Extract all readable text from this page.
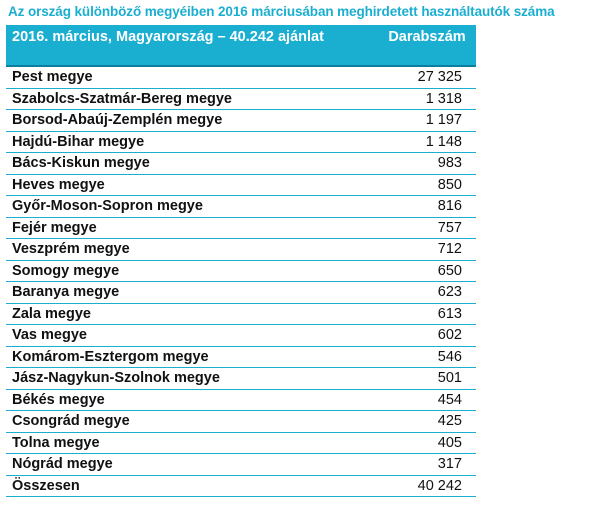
Az ország különböző megyéiben 2016 márciusában meghirdetett használtautók száma
2016. március, Magyarország – 40.242 ajánlat	Darabszám
Pest megye	27 325
Szabolcs-Szatmár-Bereg megye	1 318
Borsod-Abaúj-Zemplén megye	1 197
Hajdú-Bihar megye	1 148
Bács-Kiskun megye	983
Heves megye	850
Győr-Moson-Sopron megye	816
Fejér megye	757
Veszprém megye	712
Somogy megye	650
Baranya megye	623
Zala megye	613
Vas megye	602
Komárom-Esztergom megye	546
Jász-Nagykun-Szolnok megye	501
Békés megye	454
Csongrád megye	425
Tolna megye	405
Nógrád megye	317
Összesen	40 242
